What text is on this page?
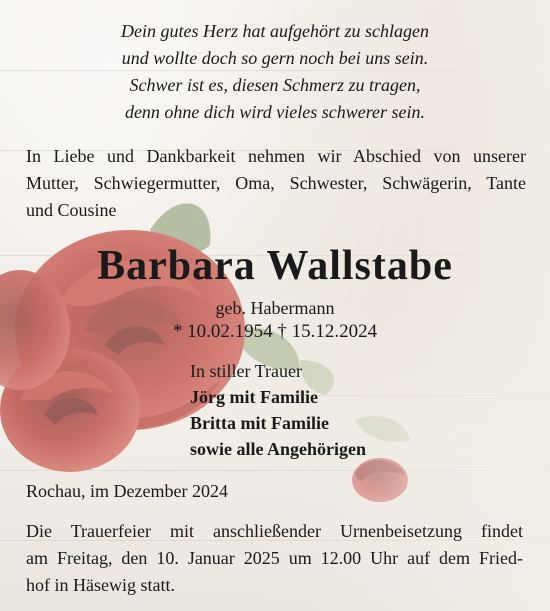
Dein gutes Herz hat aufgehört zu schlagen
und wollte doch so gern noch bei uns sein.
Schwer ist es, diesen Schmerz zu tragen,
denn ohne dich wird vieles schwerer sein.
In Liebe und Dankbarkeit nehmen wir Abschied von unserer
Mutter, Schwiegermutter, Oma, Schwester, Schwägerin, Tante
und Cousine
Barbara Wallstabe
geb. Habermann
* 10.02.1954 † 15.12.2024
In stiller Trauer
Jörg mit Familie
Britta mit Familie
sowie alle Angehörigen
Rochau, im Dezember 2024
Die Trauerfeier mit anschließender Urnenbeisetzung findet
am Freitag, den 10. Januar 2025 um 12.00 Uhr auf dem Fried-
hof in Häsewig statt.
